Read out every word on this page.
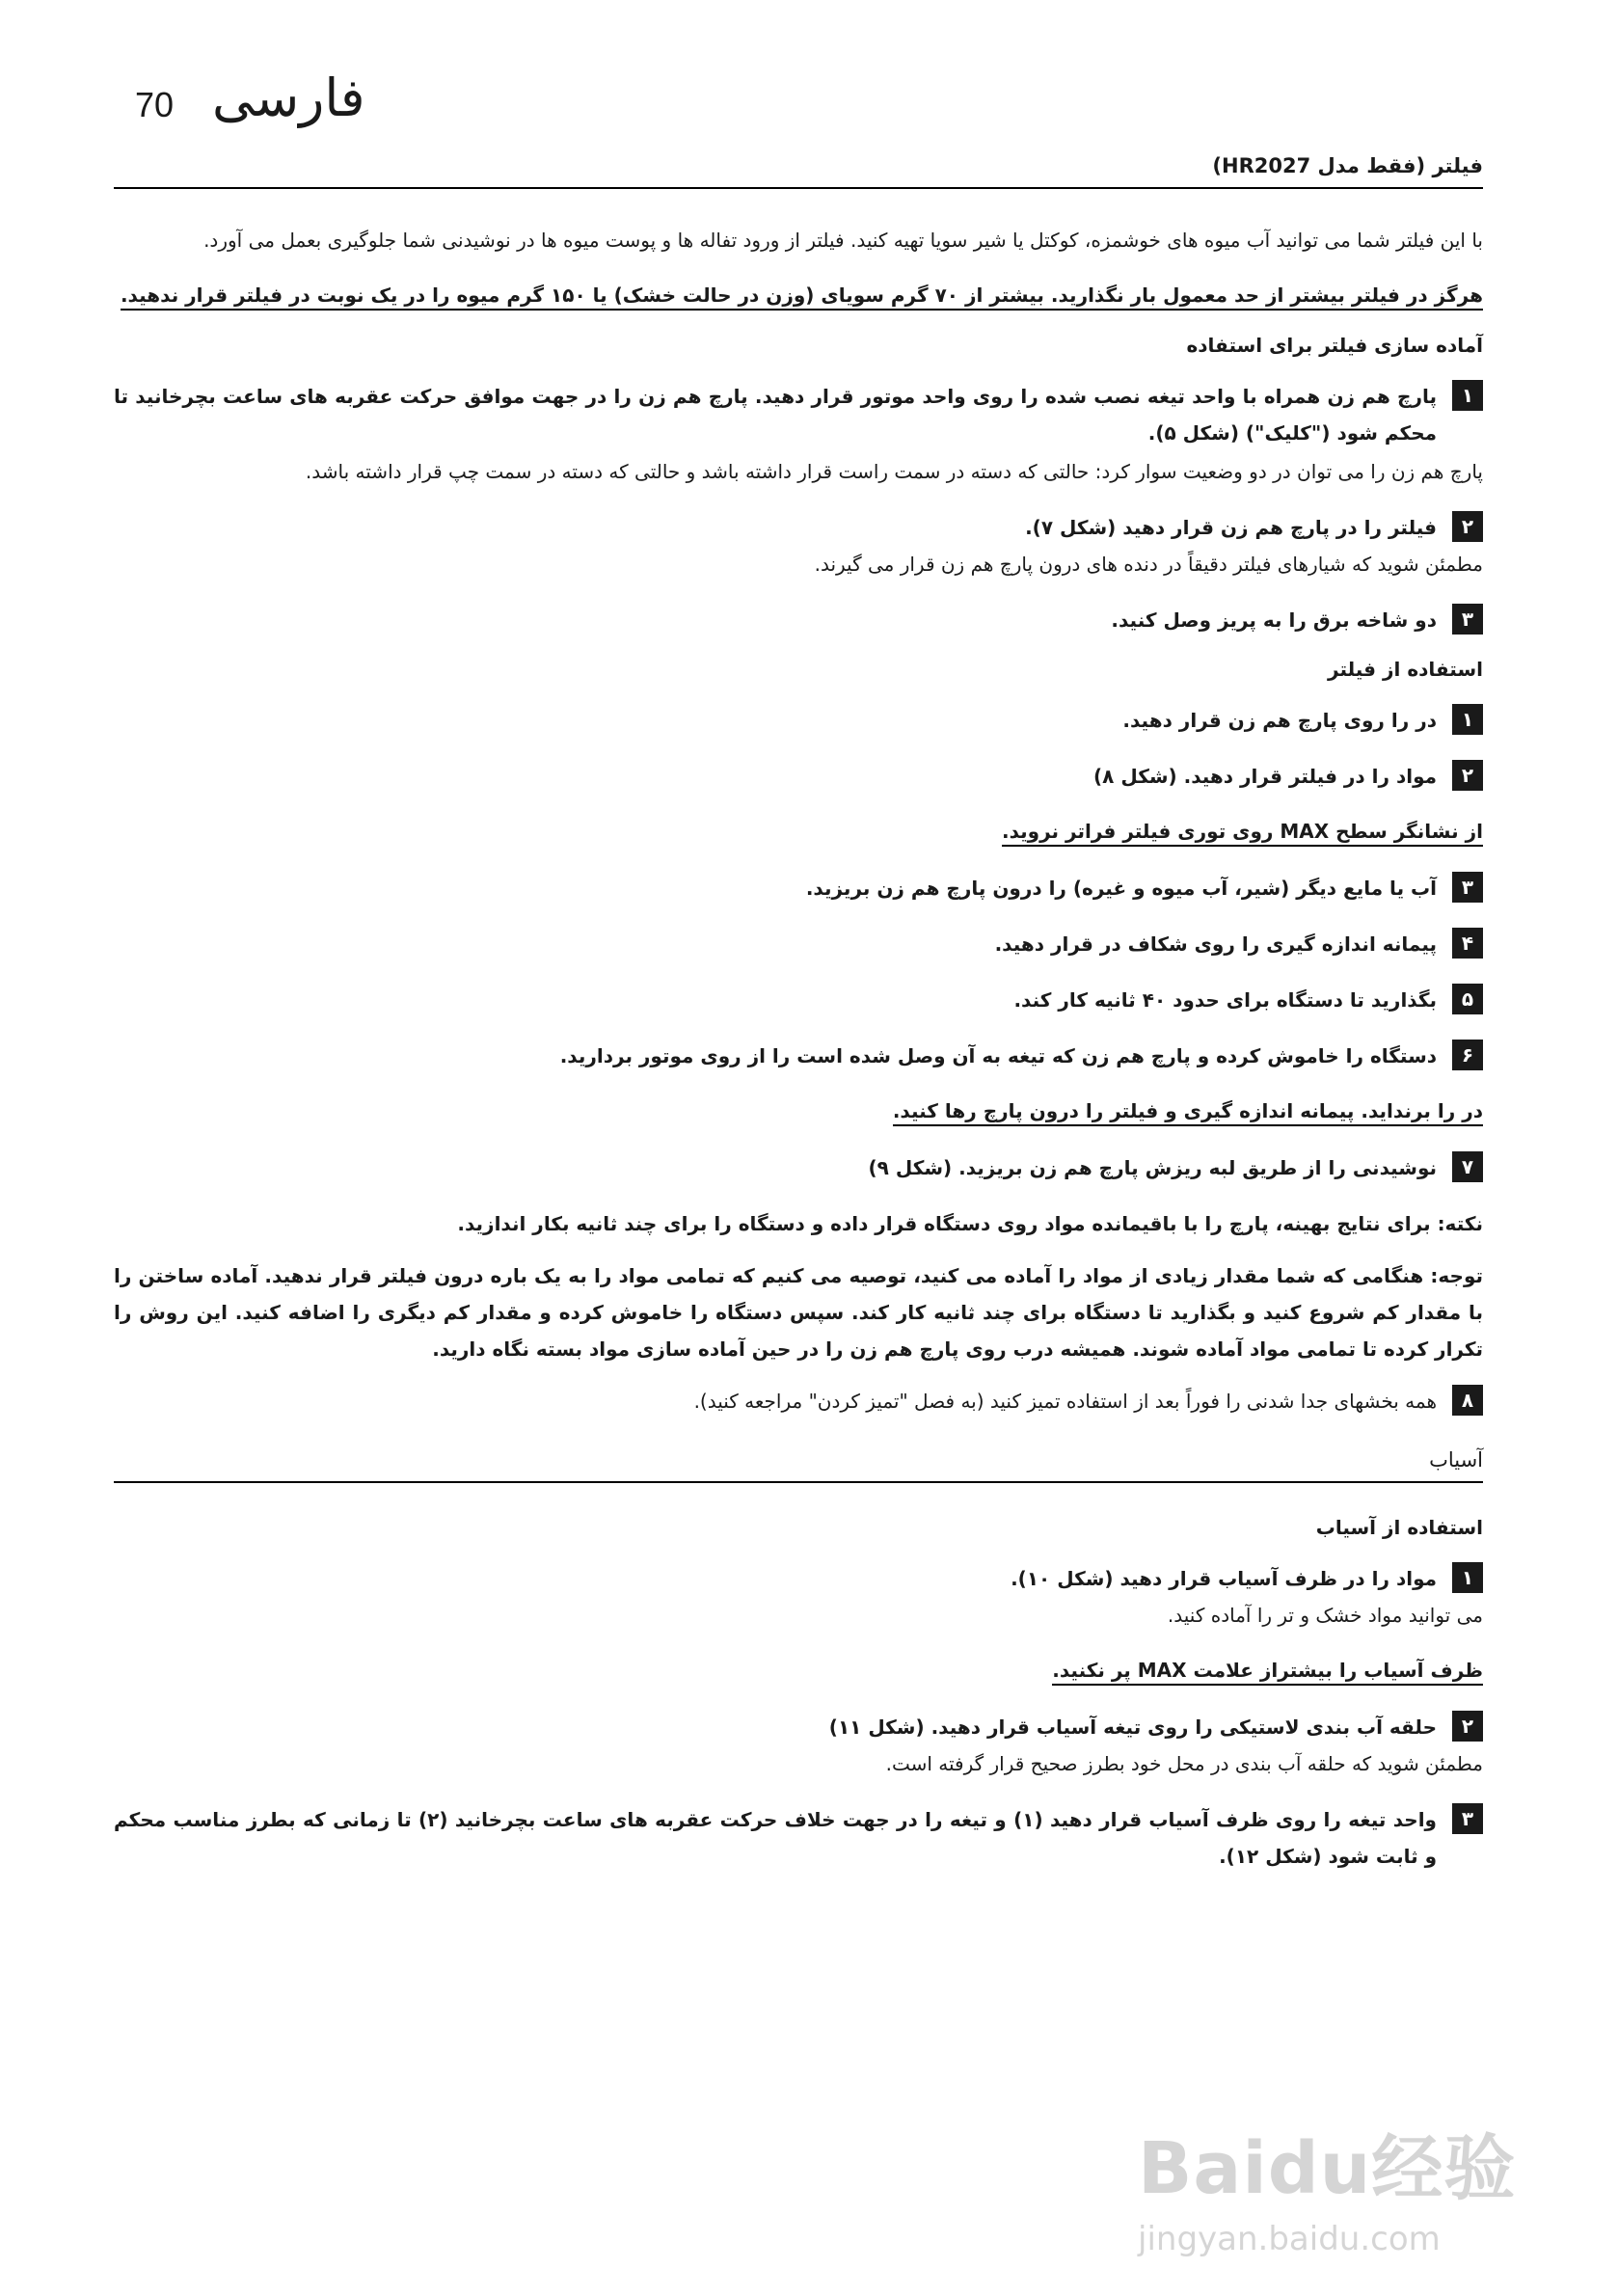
70 فارسی
فیلتر (فقط مدل HR2027)

با این فیلتر شما می توانید آب میوه های خوشمزه، کوکتل یا شیر سویا تهیه کنید. فیلتر از ورود تفاله ها و پوست میوه ها در نوشیدنی شما جلوگیری بعمل می آورد.

هرگز در فیلتر بیشتر از حد معمول بار نگذارید. بیشتر از ۷۰ گرم سویای (وزن در حالت خشک) یا ۱۵۰ گرم میوه را در یک نوبت در فیلتر قرار ندهید.

آماده سازی فیلتر برای استفاده
۱
پارچ هم زن همراه با واحد تیغه نصب شده را روی واحد موتور قرار دهید. پارچ هم زن را در جهت موافق حرکت عقربه های ساعت بچرخانید تا محکم شود ("کلیک") (شکل ۵).

پارچ هم زن را می توان در دو وضعیت سوار کرد: حالتی که دسته در سمت راست قرار داشته باشد و حالتی که دسته در سمت چپ قرار داشته باشد.

۲
فیلتر را در پارچ هم زن قرار دهید (شکل ۷).

مطمئن شوید که شیارهای فیلتر دقیقاً در دنده های درون پارچ هم زن قرار می گیرند.

۳
دو شاخه برق را به پریز وصل کنید.
استفاده از فیلتر
۱
در را روی پارچ هم زن قرار دهید.
۲
مواد را در فیلتر قرار دهید. (شکل ۸)

از نشانگر سطح MAX روی توری فیلتر فراتر نروید.

۳
آب یا مایع دیگر (شیر، آب میوه و غیره) را درون پارچ هم زن بریزید.
۴
پیمانه اندازه گیری را روی شکاف در قرار دهید.
۵
بگذارید تا دستگاه برای حدود ۴۰ ثانیه کار کند.
۶
دستگاه را خاموش کرده و پارچ هم زن که تیغه به آن وصل شده است را از روی موتور بردارید.

در را برنداید. پیمانه اندازه گیری و فیلتر را درون پارچ رها کنید.

۷
نوشیدنی را از طریق لبه ریزش پارچ هم زن بریزید. (شکل ۹)

نکته: برای نتایج بهینه، پارچ را با باقیمانده مواد روی دستگاه قرار داده و دستگاه را برای چند ثانیه بکار اندازید.

توجه: هنگامی که شما مقدار زیادی از مواد را آماده می کنید، توصیه می کنیم که تمامی مواد را به یک باره درون فیلتر قرار ندهید. آماده ساختن را با مقدار کم شروع کنید و بگذارید تا دستگاه برای چند ثانیه کار کند. سپس دستگاه را خاموش کرده و مقدار کم دیگری را اضافه کنید. این روش را تکرار کرده تا تمامی مواد آماده شوند. همیشه درب روی پارچ هم زن را در حین آماده سازی مواد بسته نگاه دارید.

۸
همه بخشهای جدا شدنی را فوراً بعد از استفاده تمیز کنید (به فصل "تمیز کردن" مراجعه کنید).
آسیاب
استفاده از آسیاب
۱
مواد را در ظرف آسیاب قرار دهید (شکل ۱۰).

می توانید مواد خشک و تر را آماده کنید.

ظرف آسیاب را بیشتراز علامت MAX پر نکنید.

۲
حلقه آب بندی لاستیکی را روی تیغه آسیاب قرار دهید. (شکل ۱۱)

مطمئن شوید که حلقه آب بندی در محل خود بطرز صحیح قرار گرفته است.

۳
واحد تیغه را روی ظرف آسیاب قرار دهید (۱) و تیغه را در جهت خلاف حرکت عقربه های ساعت بچرخانید (۲) تا زمانی که بطرز مناسب محکم و ثابت شود (شکل ۱۲).
Baidu经验
jingyan.baidu.com
